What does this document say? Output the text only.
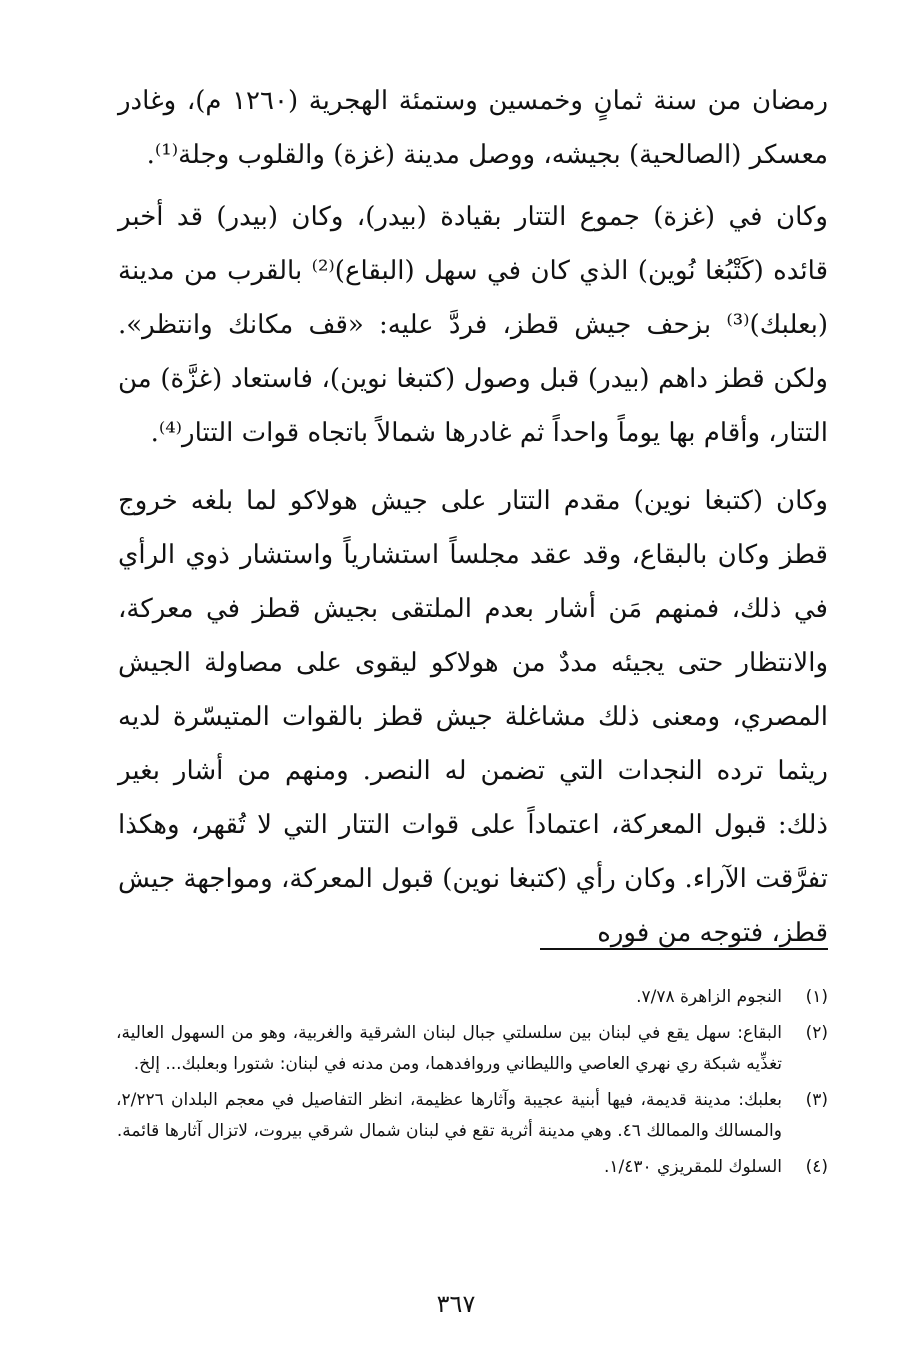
رمضان من سنة ثمانٍ وخمسين وستمئة الهجرية (١٢٦٠ م)، وغادر معسكر (الصالحية) بجيشه، ووصل مدينة (غزة) والقلوب وجلة⁽¹⁾.

وكان في (غزة) جموع التتار بقيادة (بيدر)، وكان (بيدر) قد أخبر قائده (كَتْبُغا نُوين) الذي كان في سهل (البقاع)⁽²⁾ بالقرب من مدينة (بعلبك)⁽³⁾ بزحف جيش قطز، فردَّ عليه: «قف مكانك وانتظر». ولكن قطز داهم (بيدر) قبل وصول (كتبغا نوين)، فاستعاد (غزَّة) من التتار، وأقام بها يوماً واحداً ثم غادرها شمالاً باتجاه قوات التتار⁽⁴⁾.

وكان (كتبغا نوين) مقدم التتار على جيش هولاكو لما بلغه خروج قطز وكان بالبقاع، وقد عقد مجلساً استشارياً واستشار ذوي الرأي في ذلك، فمنهم مَن أشار بعدم الملتقى بجيش قطز في معركة، والانتظار حتى يجيئه مددٌ من هولاكو ليقوى على مصاولة الجيش المصري، ومعنى ذلك مشاغلة جيش قطز بالقوات المتيسّرة لديه ريثما ترده النجدات التي تضمن له النصر. ومنهم من أشار بغير ذلك: قبول المعركة، اعتماداً على قوات التتار التي لا تُقهر، وهكذا تفرَّقت الآراء. وكان رأي (كتبغا نوين) قبول المعركة، ومواجهة جيش قطز، فتوجه من فوره

(١)
النجوم الزاهرة ٧/٧٨.
(٢)
البقاع: سهل يقع في لبنان بين سلسلتي جبال لبنان الشرقية والغربية، وهو من السهول العالية، تغذِّيه شبكة ري نهري العاصي والليطاني وروافدهما، ومن مدنه في لبنان: شتورا وبعلبك... إلخ.
(٣)
بعلبك: مدينة قديمة، فيها أبنية عجيبة وآثارها عظيمة، انظر التفاصيل في معجم البلدان ٢/٢٢٦، والمسالك والممالك ٤٦. وهي مدينة أثرية تقع في لبنان شمال شرقي بيروت، لاتزال آثارها قائمة.
(٤)
السلوك للمقريزي ١/٤٣٠.
٣٦٧
